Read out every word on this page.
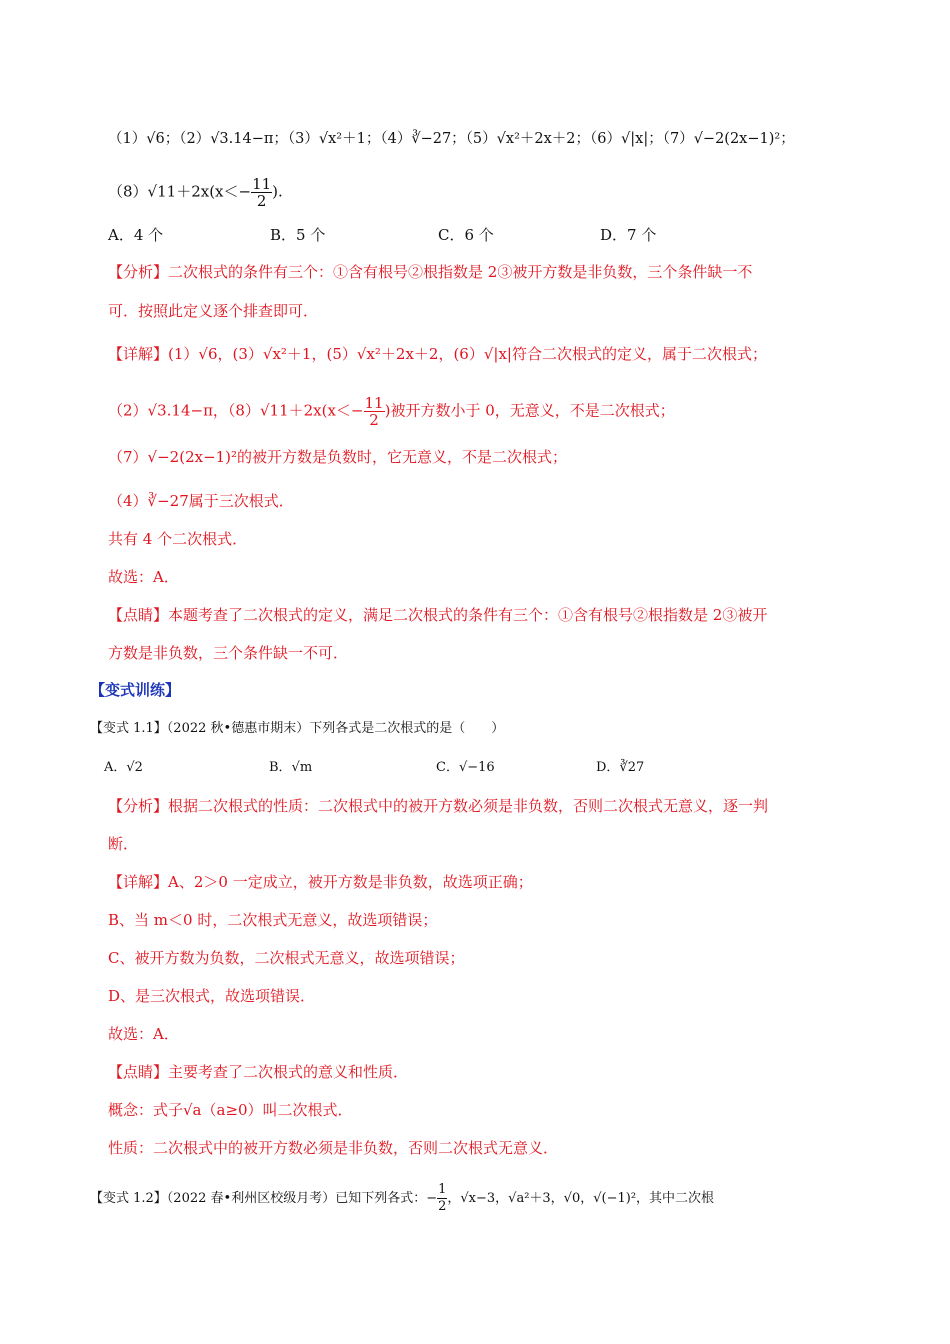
（1）√6；（2）√3.14−π；（3）√x²＋1；（4）∛−27；（5）√x²＋2x＋2；（6）√|x|；（7）√−2(2x−1)²；
$(8)√11+2x(x<- \frac{11}{2}$ ).
A．4 个	B．5 个	C．6 个	D．7 个
【分析】二次根式的条件有三个：①含有根号②根指数是 2③被开方数是非负数，三个条件缺一不
可．按照此定义逐个排查即可．
【详解】(1）√6，(3）√x²＋1，(5）√x²＋2x＋2，(6）√|x|符合二次根式的定义，属于二次根式；
（2）√3.14−π，$(8)√11+2x(x<- \frac{11}{2}$ )被开方数小于 0，无意义，不是二次根式；
（7）√−2(2x−1)²的被开方数是负数时，它无意义，不是二次根式；
（4）∛−27属于三次根式．
共有 4 个二次根式．
故选：A．
【点睛】本题考查了二次根式的定义，满足二次根式的条件有三个：①含有根号②根指数是 2③被开
方数是非负数，三个条件缺一不可．
【变式训练】
【变式 1.1】（2022 秋•德惠市期末）下列各式是二次根式的是（　　）
A．√2	B．√m	C．√−16	D．∛27
【分析】根据二次根式的性质：二次根式中的被开方数必须是非负数，否则二次根式无意义，逐一判
断．
【详解】A、2＞0 一定成立，被开方数是非负数，故选项正确；
B、当 m＜0 时，二次根式无意义，故选项错误；
C、被开方数为负数，二次根式无意义，故选项错误；
D、是三次根式，故选项错误．
故选：A．
【点睛】主要考查了二次根式的意义和性质．
概念：式子√a（a≥0）叫二次根式．
性质：二次根式中的被开方数必须是非负数，否则二次根式无意义．
【变式 1.2】（2022 春•利州区校级月考）已知下列各式：− $\frac{1}{2}$ ，√x−3，√a²＋3，√0，√(−1)²，其中二次根
